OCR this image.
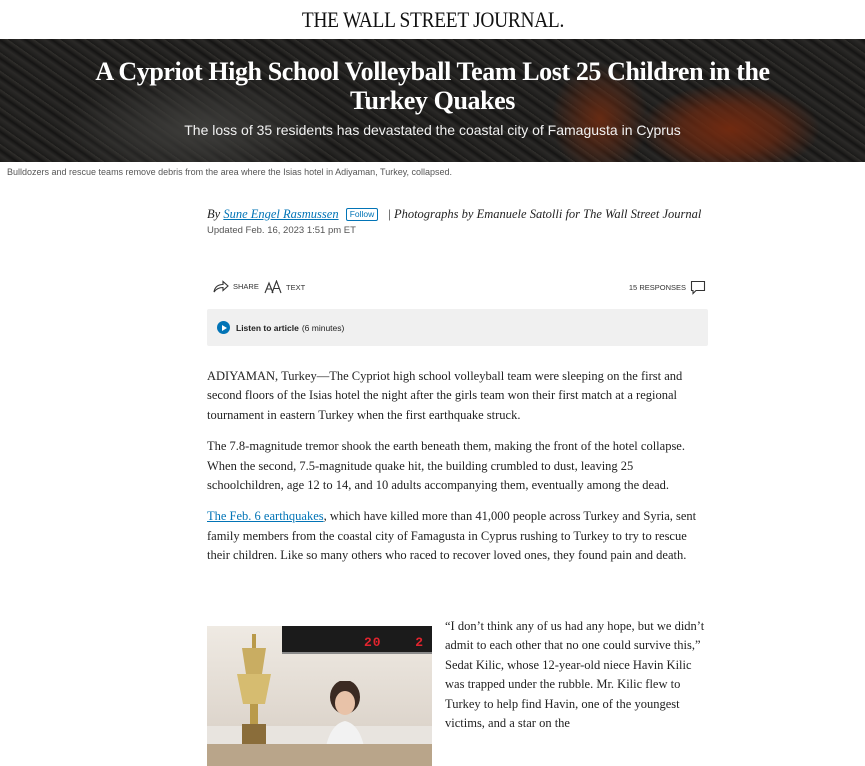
THE WALL STREET JOURNAL.
A Cypriot High School Volleyball Team Lost 25 Children in the Turkey Quakes
The loss of 35 residents has devastated the coastal city of Famagusta in Cyprus
Bulldozers and rescue teams remove debris from the area where the Isias hotel in Adiyaman, Turkey, collapsed.
By Sune Engel Rasmussen Follow | Photographs by Emanuele Satolli for The Wall Street Journal
Updated Feb. 16, 2023 1:51 pm ET
SHARE	TEXT	15 RESPONSES
Listen to article (6 minutes)

ADIYAMAN, Turkey—The Cypriot high school volleyball team were sleeping on the first and second floors of the Isias hotel the night after the girls team won their first match at a regional tournament in eastern Turkey when the first earthquake struck.

The 7.8-magnitude tremor shook the earth beneath them, making the front of the hotel collapse. When the second, 7.5-magnitude quake hit, the building crumbled to dust, leaving 25 schoolchildren, age 12 to 14, and 10 adults accompanying them, eventually among the dead.

The Feb. 6 earthquakes, which have killed more than 41,000 people across Turkey and Syria, sent family members from the coastal city of Famagusta in Cyprus rushing to Turkey to try to rescue their children. Like so many others who raced to recover loved ones, they found pain and death.

20	2
“I don’t think any of us had any hope, but we didn’t admit to each other that no one could survive this,” Sedat Kilic, whose 12-year-old niece Havin Kilic was trapped under the rubble. Mr. Kilic flew to Turkey to help find Havin, one of the youngest victims, and a star on the
